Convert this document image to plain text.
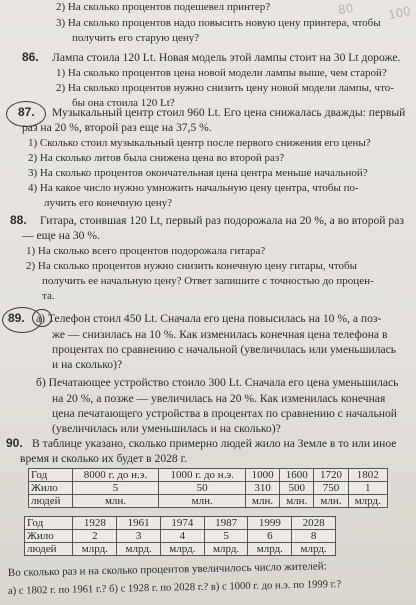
80	100
2) На сколько процентов подешевел принтер?
3) На сколько процентов надо повысить новую цену принтера, чтобы
получить его старую цену?
86. Лампа стоила 120 Lt. Новая модель этой лампы стоит на 30 Lt дороже.
1) На сколько процентов цена новой модели лампы выше, чем старой?
2) На сколько процентов нужно снизить цену новой модели лампы, что-
бы она стоила 120 Lt?
87. Музыкальный центр стоил 960 Lt. Его цена снижалась дважды: первый
раз на 20 %, второй раз еще на 37,5 %.
1) Сколько стоил музыкальный центр после первого снижения его цены?
2) На сколько литов была снижена цена во второй раз?
3) На сколько процентов окончательная цена центра меньше начальной?
4) На какое число нужно умножить начальную цену центра, чтобы по-
лучить его конечную цену?
88. Гитара, стоившая 120 Lt, первый раз подорожала на 20 %, а во второй раз
— еще на 30 %.
1) На сколько всего процентов подорожала гитара?
2) На сколько процентов нужно снизить конечную цену гитары, чтобы
получить ее начальную цену? Ответ запишите с точностью до процен-
та.
89. а) Телефон стоил 450 Lt. Сначала его цена повысилась на 10 %, а поз-
же — снизилась на 10 %. Как изменилась конечная цена телефона в
процентах по сравнению с начальной (увеличилась или уменьшилась
и на сколько)?
б) Печатающее устройство стоило 300 Lt. Сначала его цена уменьшилась
на 20 %, а позже — увеличилась на 20 %. Как изменилась конечная
цена печатающего устройства в процентах по сравнению с начальной
(увеличилась или уменьшилась и на сколько)?
90. В таблице указано, сколько примерно людей жило на Земле в то или иное
время и сколько их будет в 2028 г.
Год	8000 г. до н.э.	1000 г. до н.э.	1000	1600	1720	1802
Жило	5	50	310	500	750	1
людей	млн.	млн.	млн.	млн.	млн.	млрд.
Год	1928	1961	1974	1987	1999	2028
Жило	2	3	4	5	6	8
людей	млрд.	млрд.	млрд.	млрд.	млрд.	млрд.
Во сколько раз и на сколько процентов увеличилось число жителей:
а) с 1802 г. по 1961 г.? б) с 1928 г. по 2028 г.? в) с 1000 г. до н.э. по 1999 г.?
